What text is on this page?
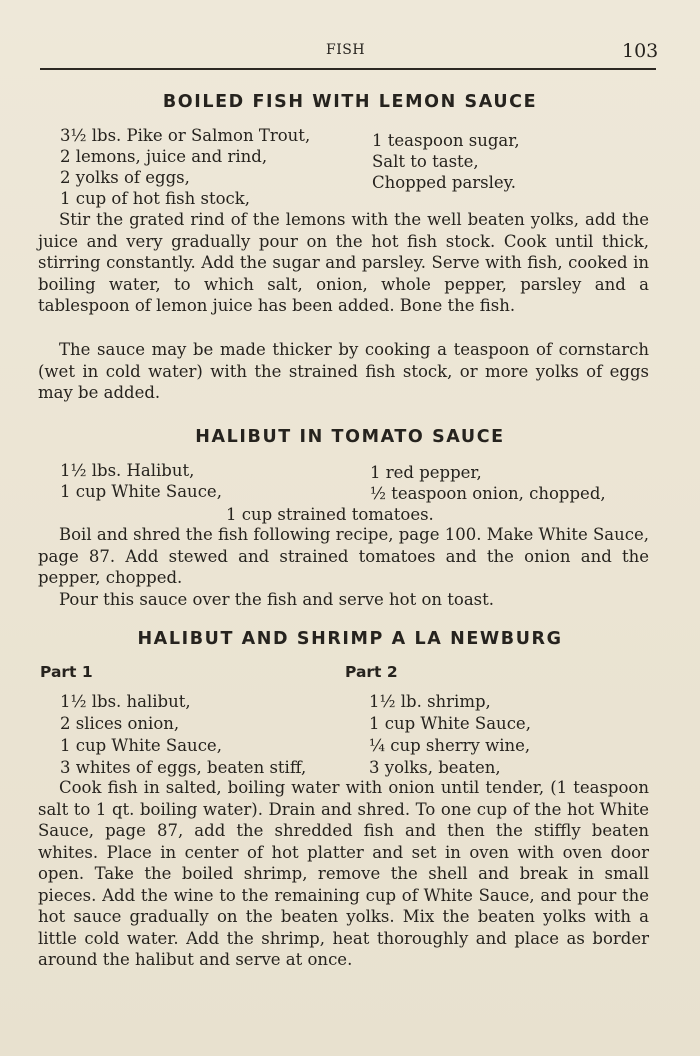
FISH	103
BOILED FISH WITH LEMON SAUCE
3½ lbs. Pike or Salmon Trout,
2 lemons, juice and rind,
2 yolks of eggs,
1 cup of hot fish stock,
1 teaspoon sugar,
Salt to taste,
Chopped parsley.

Stir the grated rind of the lemons with the well beaten yolks, add the juice and very gradually pour on the hot fish stock. Cook until thick, stirring constantly. Add the sugar and parsley. Serve with fish, cooked in boiling water, to which salt, onion, whole pepper, parsley and a tablespoon of lemon juice has been added. Bone the fish.

The sauce may be made thicker by cooking a teaspoon of cornstarch (wet in cold water) with the strained fish stock, or more yolks of eggs may be added.

HALIBUT IN TOMATO SAUCE
1½ lbs. Halibut,
1 cup White Sauce,
1 red pepper,
½ teaspoon onion, chopped,
1 cup strained tomatoes.

Boil and shred the fish following recipe, page 100. Make White Sauce, page 87. Add stewed and strained tomatoes and the onion and the pepper, chopped.

Pour this sauce over the fish and serve hot on toast.

HALIBUT AND SHRIMP A LA NEWBURG
Part 1	Part 2
1½ lbs. halibut,
2 slices onion,
1 cup White Sauce,
3 whites of eggs, beaten stiff,
1½ lb. shrimp,
1 cup White Sauce,
¼ cup sherry wine,
3 yolks, beaten,

Cook fish in salted, boiling water with onion until tender, (1 teaspoon salt to 1 qt. boiling water). Drain and shred. To one cup of the hot White Sauce, page 87, add the shredded fish and then the stiffly beaten whites. Place in center of hot platter and set in oven with oven door open. Take the boiled shrimp, remove the shell and break in small pieces. Add the wine to the remaining cup of White Sauce, and pour the hot sauce gradually on the beaten yolks. Mix the beaten yolks with a little cold water. Add the shrimp, heat thoroughly and place as border around the halibut and serve at once.
